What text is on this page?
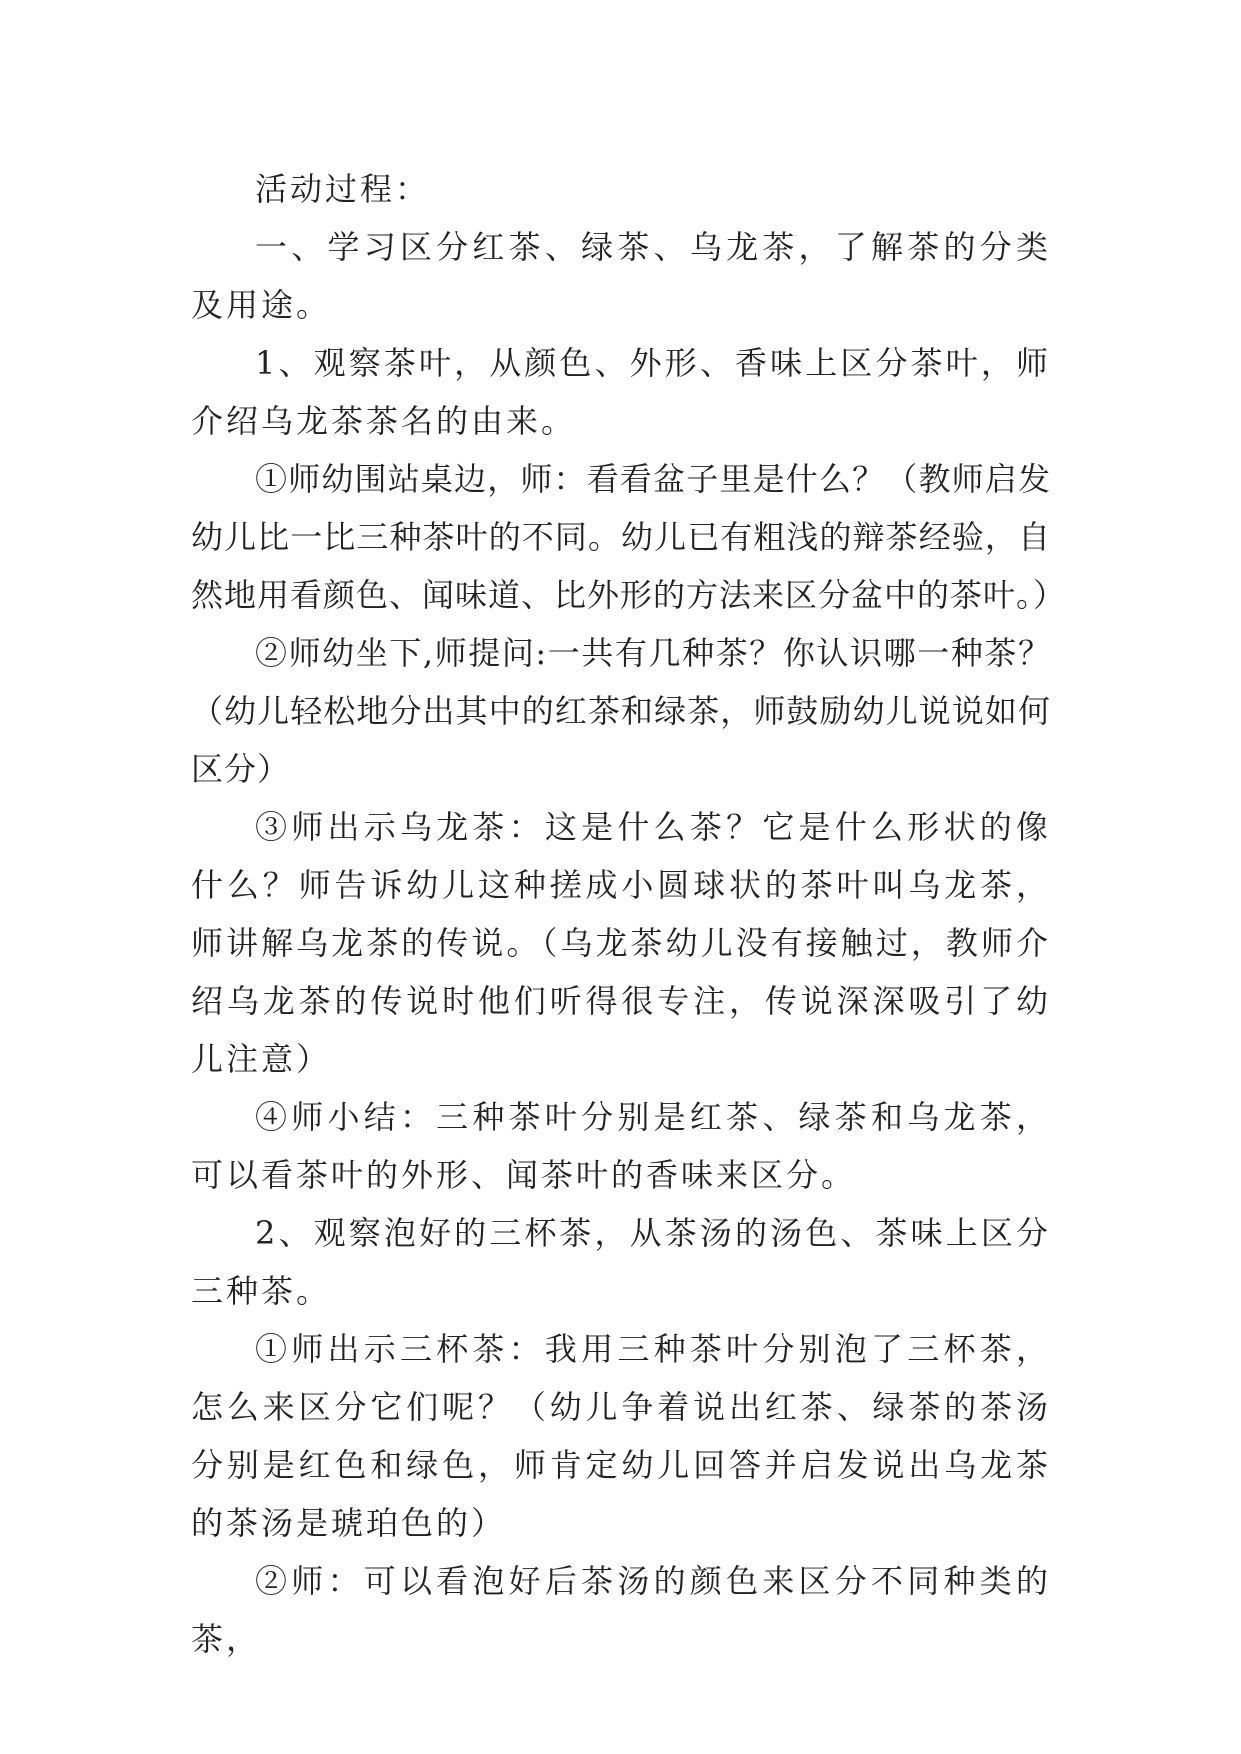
活动过程：

一、学习区分红茶、绿茶、乌龙茶，了解茶的分类及用途。

1、观察茶叶，从颜色、外形、香味上区分茶叶，师介绍乌龙茶茶名的由来。

①师幼围站桌边，师：看看盆子里是什么？（教师启发幼儿比一比三种茶叶的不同。幼儿已有粗浅的辩茶经验，自然地用看颜色、闻味道、比外形的方法来区分盆中的茶叶。）

②师幼坐下,师提问:一共有几种茶？你认识哪一种茶？（幼儿轻松地分出其中的红茶和绿茶，师鼓励幼儿说说如何区分）

③师出示乌龙茶：这是什么茶？它是什么形状的像什么？师告诉幼儿这种搓成小圆球状的茶叶叫乌龙茶，师讲解乌龙茶的传说。（乌龙茶幼儿没有接触过，教师介绍乌龙茶的传说时他们听得很专注，传说深深吸引了幼儿注意）

④师小结：三种茶叶分别是红茶、绿茶和乌龙茶，可以看茶叶的外形、闻茶叶的香味来区分。

2、观察泡好的三杯茶，从茶汤的汤色、茶味上区分三种茶。

①师出示三杯茶：我用三种茶叶分别泡了三杯茶，怎么来区分它们呢？（幼儿争着说出红茶、绿茶的茶汤分别是红色和绿色，师肯定幼儿回答并启发说出乌龙茶的茶汤是琥珀色的）

②师：可以看泡好后茶汤的颜色来区分不同种类的茶，
